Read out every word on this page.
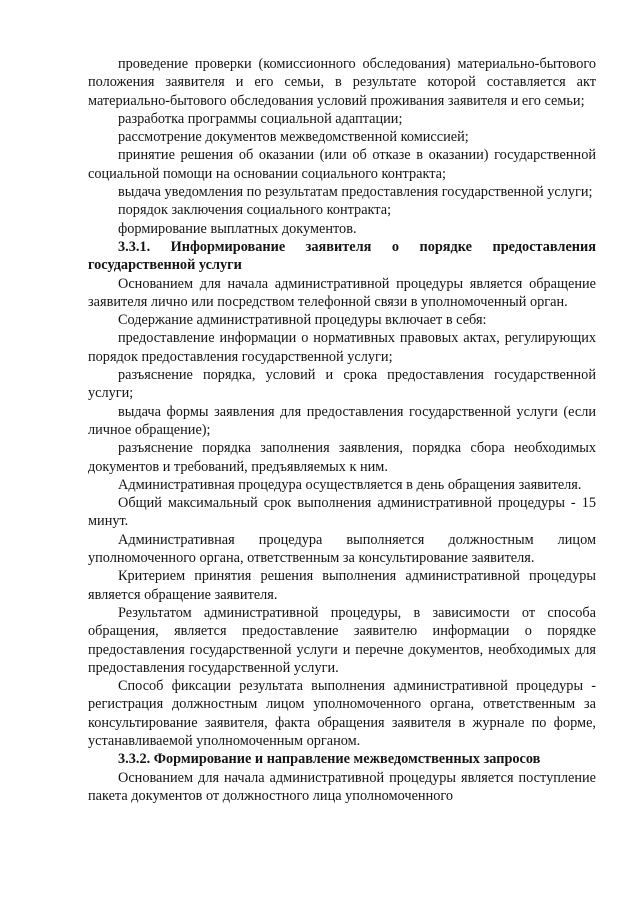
проведение проверки (комиссионного обследования) материально-бытового положения заявителя и его семьи, в результате которой составляется акт материально-бытового обследования условий проживания заявителя и его семьи;

разработка программы социальной адаптации;

рассмотрение документов межведомственной комиссией;

принятие решения об оказании (или об отказе в оказании) государственной социальной помощи на основании социального контракта;

выдача уведомления по результатам предоставления государственной услуги;

порядок заключения социального контракта;

формирование выплатных документов.

3.3.1. Информирование заявителя о порядке предоставления государственной услуги

Основанием для начала административной процедуры является обращение заявителя лично или посредством телефонной связи в уполномоченный орган.

Содержание административной процедуры включает в себя:

предоставление информации о нормативных правовых актах, регулирующих порядок предоставления государственной услуги;

разъяснение порядка, условий и срока предоставления государственной услуги;

выдача формы заявления для предоставления государственной услуги (если личное обращение);

разъяснение порядка заполнения заявления, порядка сбора необходимых документов и требований, предъявляемых к ним.

Административная процедура осуществляется в день обращения заявителя.

Общий максимальный срок выполнения административной процедуры - 15 минут.

Административная процедура выполняется должностным лицом уполномоченного органа, ответственным за консультирование заявителя.

Критерием принятия решения выполнения административной процедуры является обращение заявителя.

Результатом административной процедуры, в зависимости от способа обращения, является предоставление заявителю информации о порядке предоставления государственной услуги и перечне документов, необходимых для предоставления государственной услуги.

Способ фиксации результата выполнения административной процедуры - регистрация должностным лицом уполномоченного органа, ответственным за консультирование заявителя, факта обращения заявителя в журнале по форме, устанавливаемой уполномоченным органом.

3.3.2. Формирование и направление межведомственных запросов

Основанием для начала административной процедуры является поступление пакета документов от должностного лица уполномоченного
